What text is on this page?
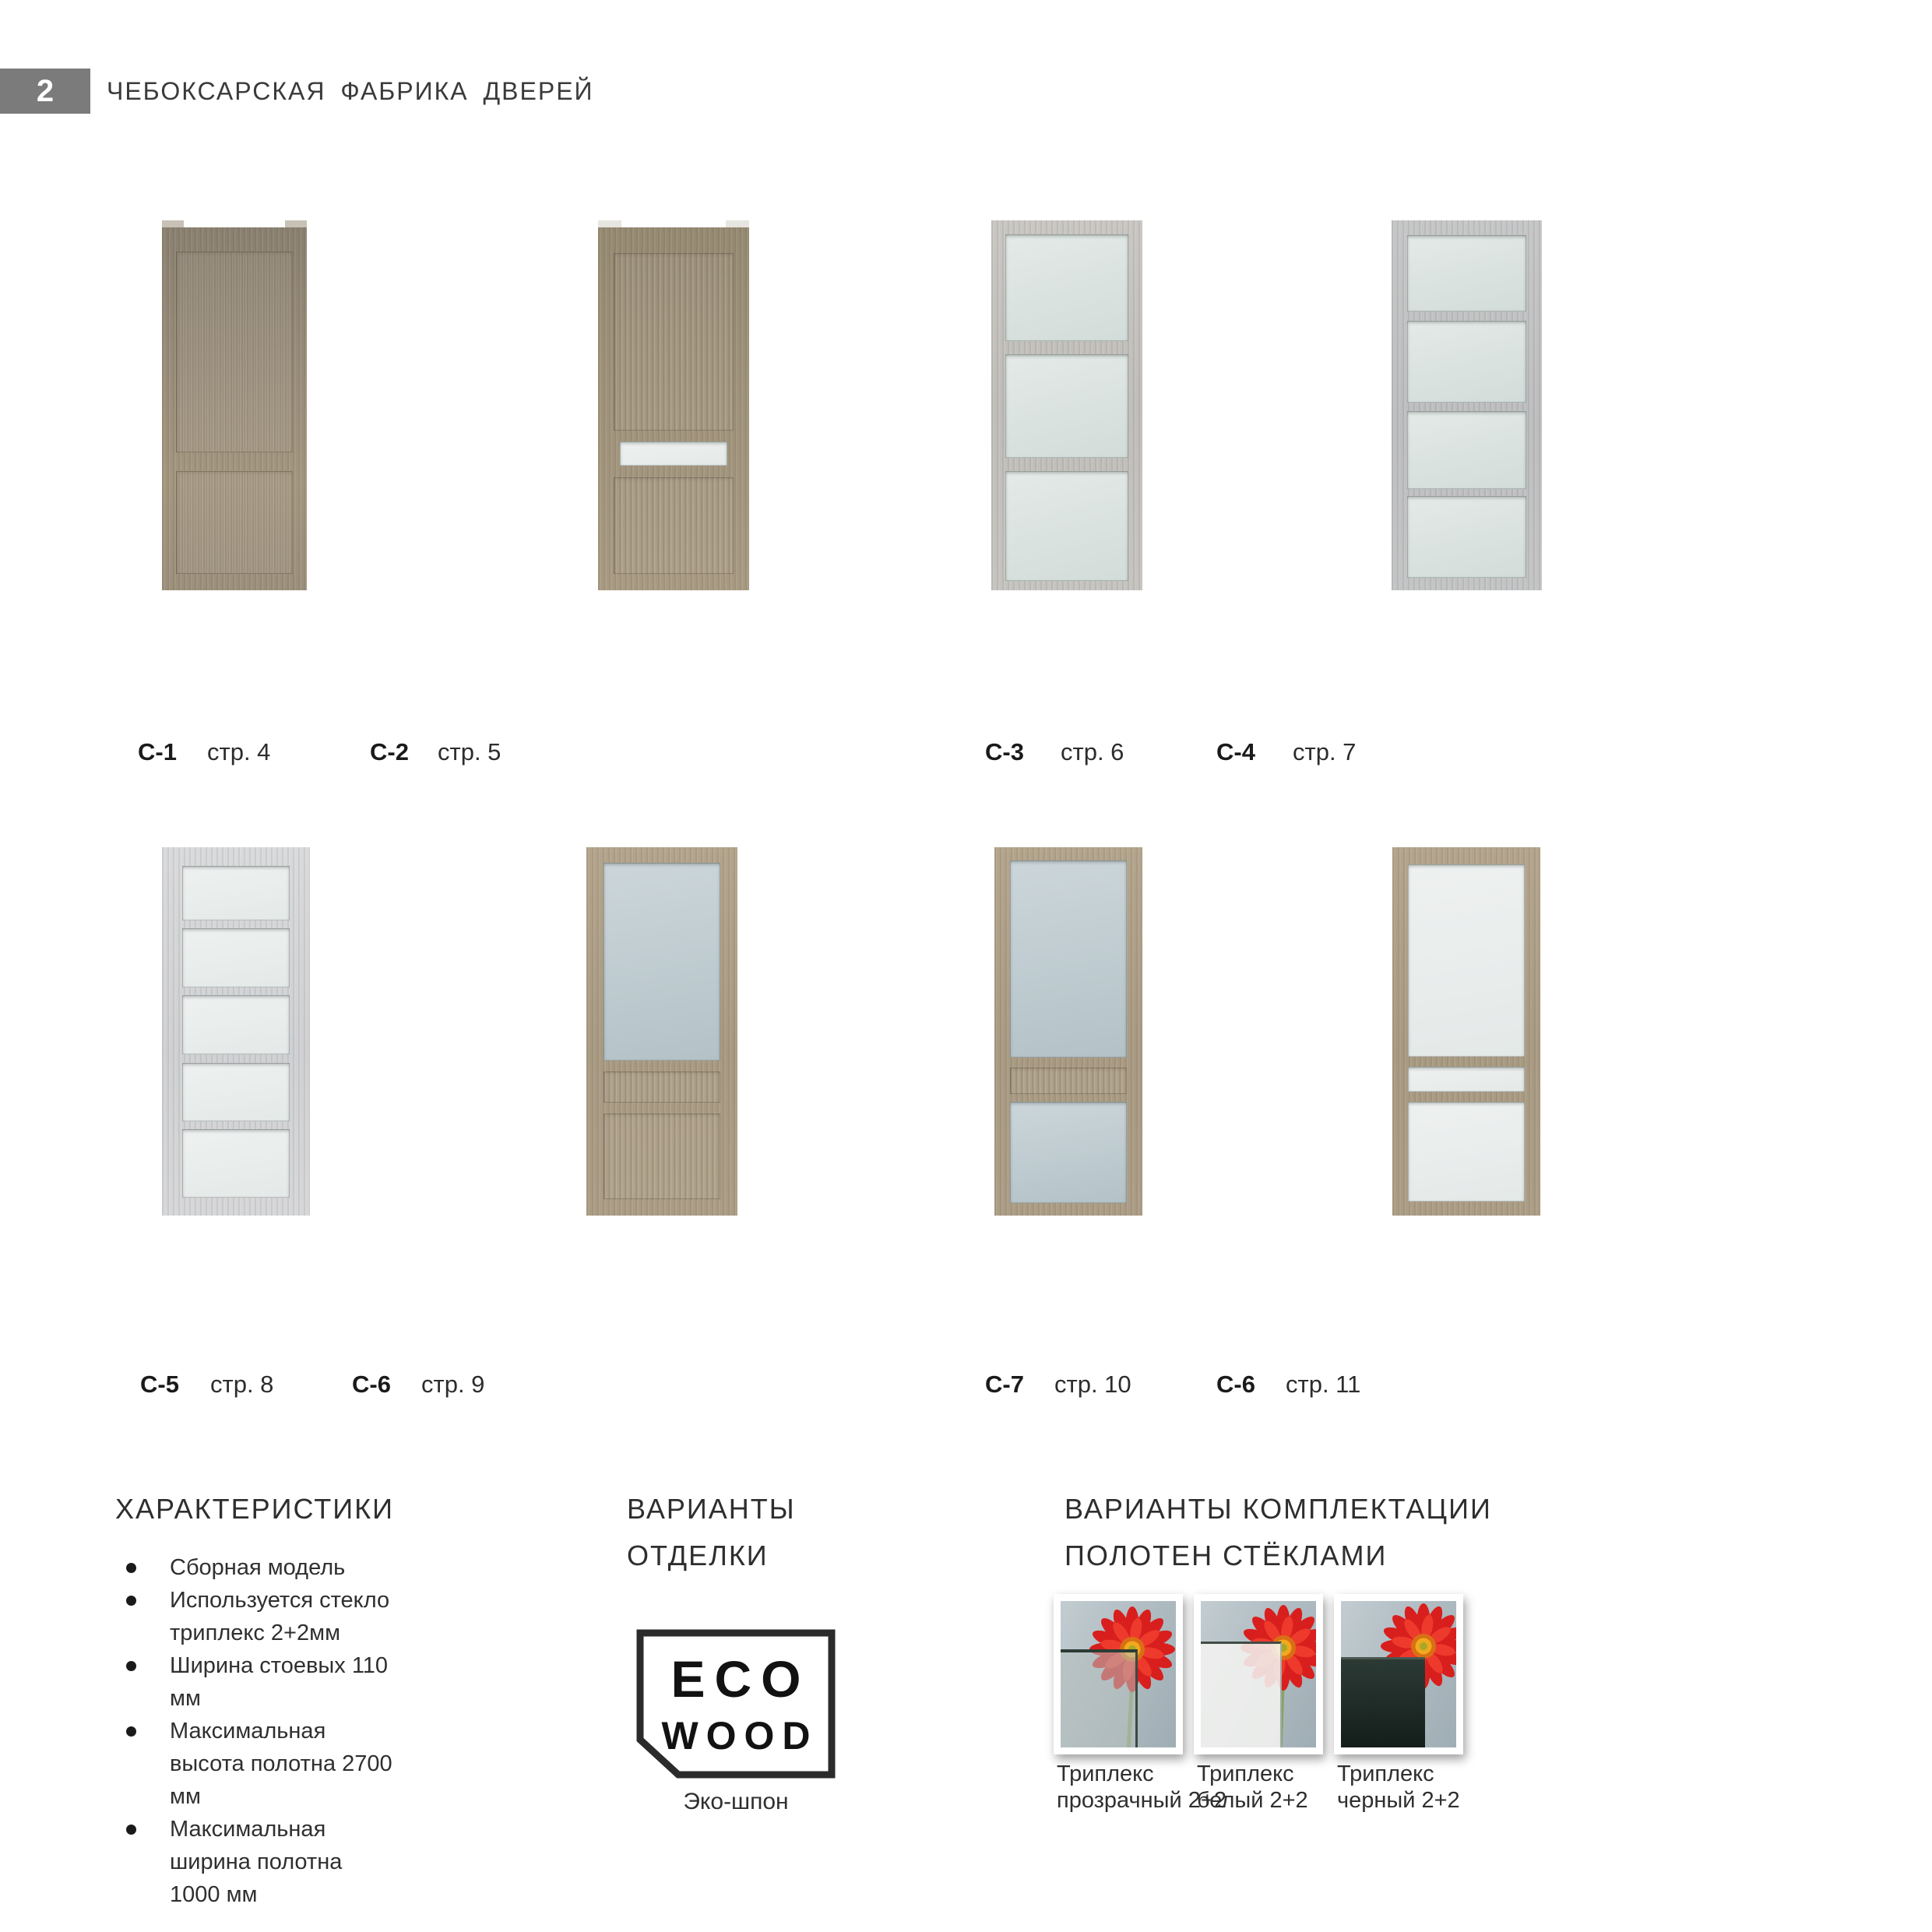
2	ЧЕБОКСАРСКАЯ ФАБРИКА ДВЕРЕЙ
С-1 стр. 4	С-2 стр. 5	С-3 стр. 6	С-4 стр. 7
С-5 стр. 8	С-6 стр. 9	С-7 стр. 10	С-6 стр. 11
ХАРАКТЕРИСТИКИ
Сборная модель
Используется стекло триплекс 2+2мм
Ширина стоевых 110 мм
Максимальная высота полотна 2700 мм
Максимальная ширина полотна 1000 мм
ВАРИАНТЫ
ОТДЕЛКИ
ECO
WOOD
Эко-шпон
ВАРИАНТЫ КОМПЛЕКТАЦИИ
ПОЛОТЕН СТЁКЛАМИ
Триплекс
прозрачный 2+2
Триплекс
белый 2+2
Триплекс
черный 2+2
